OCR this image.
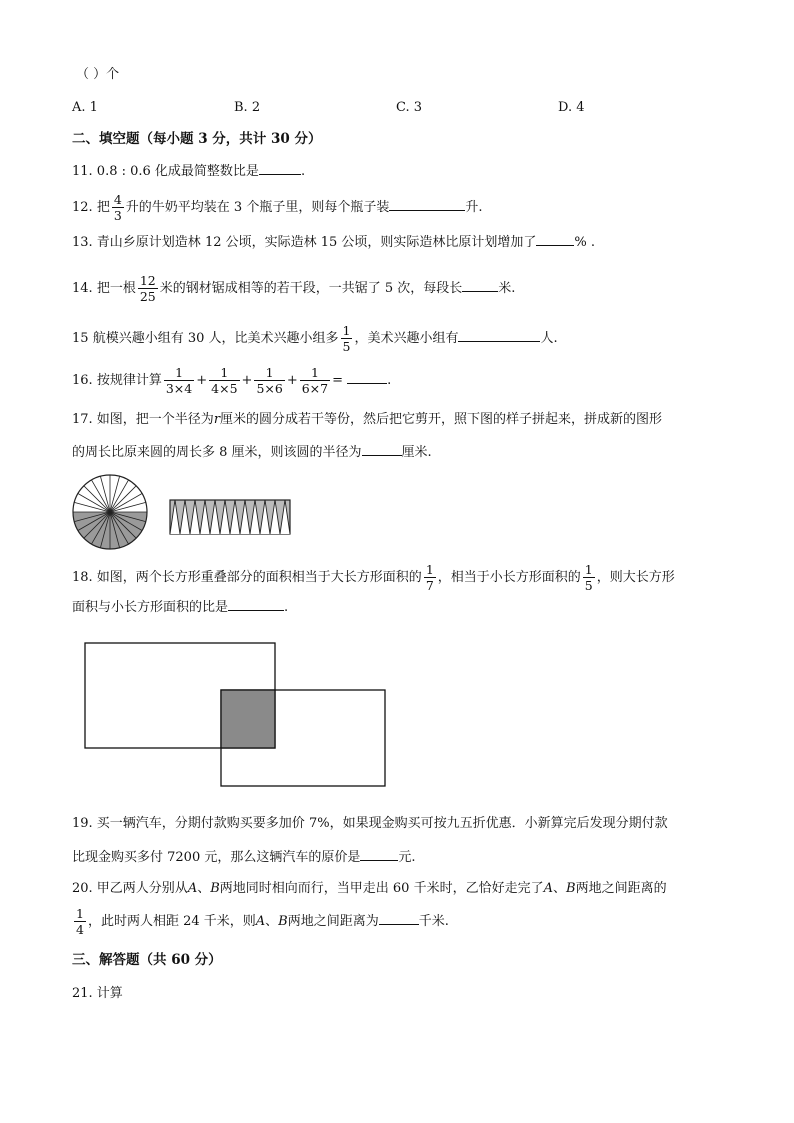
（ ）个
A. 1	B. 2	C. 3	D. 4
二、填空题（每小题 3 分，共计 30 分）
11. 0.8 : 0.6 化成最简整数比是	.
12. 把 $\frac{4}{3}$ 升的牛奶平均装在 3 个瓶子里，则每个瓶子装	升.
13. 青山乡原计划造林 12 公顷，实际造林 15 公顷，则实际造林比原计划增加了	% .
14. 把一根 $\frac{12}{25}$ 米的钢材锯成相等的若干段，一共锯了 5 次，每段长	米.
15 航模兴趣小组有 30 人，比美术兴趣小组多 $\frac{1}{5}$ ，美术兴趣小组有	人.
16. 按规律计算 $\frac{1}{3\times 4} + \frac{1}{4\times 5} + \frac{1}{5\times 6} + \frac{1}{6\times 7}$ =	.
17. 如图，把一个半径为r厘米的圆分成若干等份，然后把它剪开，照下图的样子拼起来，拼成新的图形
的周长比原来圆的周长多 8 厘米，则该圆的半径为	厘米.
18. 如图，两个长方形重叠部分的面积相当于大长方形面积的 $\frac{1}{7}$ ，相当于小长方形面积的 $\frac{1}{5}$ ，则大长方形
面积与小长方形面积的比是	.
19. 买一辆汽车，分期付款购买要多加价 7%，如果现金购买可按九五折优惠．小新算完后发现分期付款
比现金购买多付 7200 元，那么这辆汽车的原价是	元.
20. 甲乙两人分别从A、B两地同时相向而行，当甲走出 60 千米时，乙恰好走完了A、B两地之间距离的
$\frac{1}{4}$ ，此时两人相距 24 千米，则A、B两地之间距离为	千米.
三、解答题（共 60 分）
21. 计算
